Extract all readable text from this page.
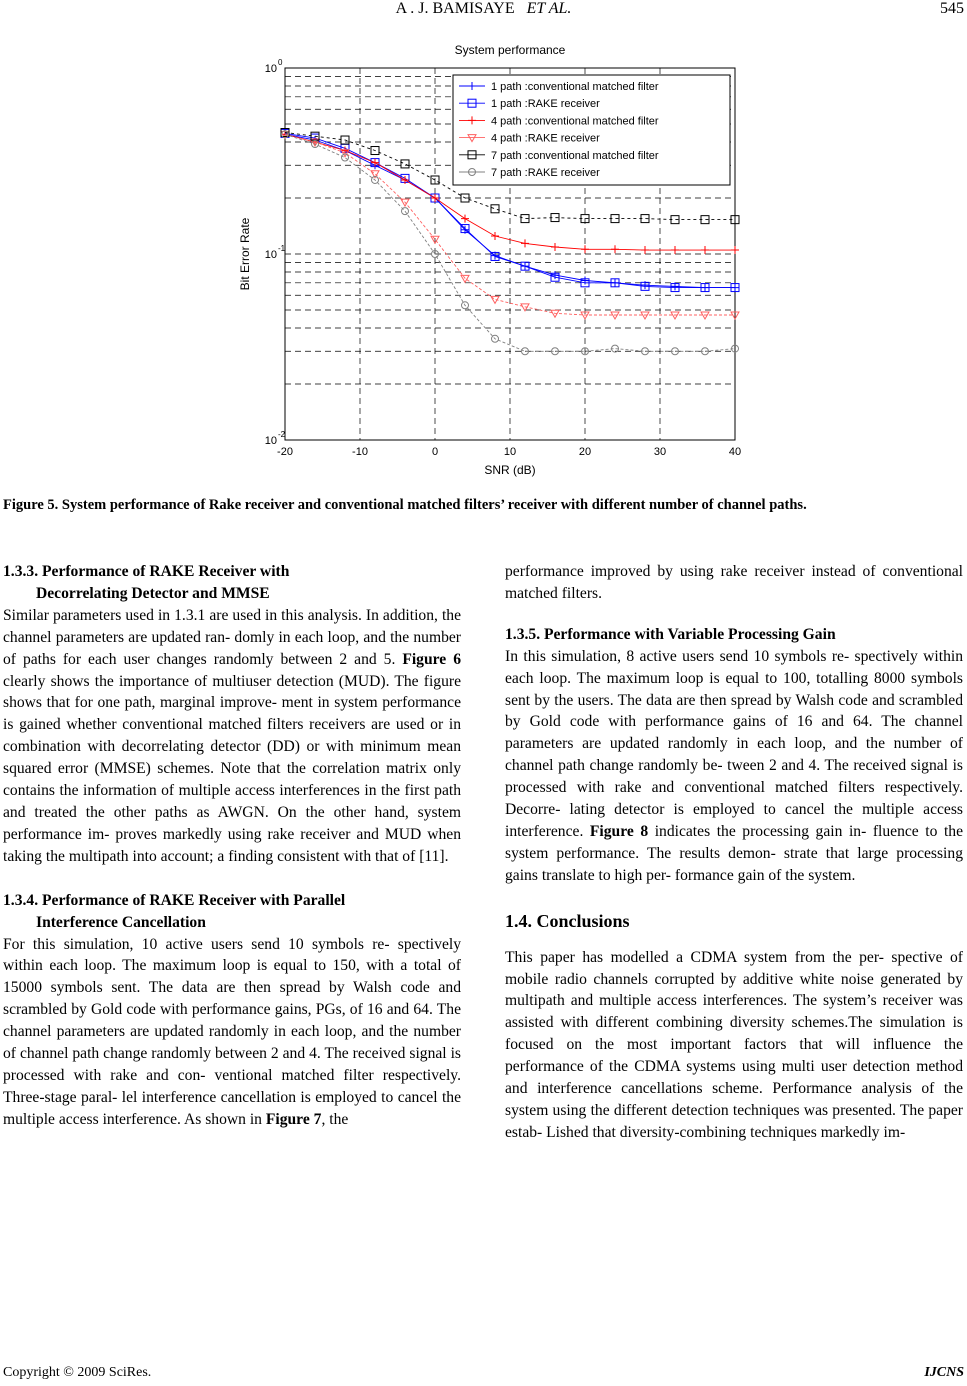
A . J. BAMISAYE ET AL.	545
-20	-10	0	10	20	30	40
10
0
10
-1
10
-2
1 path :conventional matched filter
1 path :RAKE receiver
4 path :conventional matched filter
4 path :RAKE receiver
7 path :conventional matched filter
7 path :RAKE receiver
System performance
SNR (dB)
Bit Error Rate
Figure 5. System performance of Rake receiver and conventional matched filters’ receiver with different number of channel paths.
1.3.3. Performance of RAKE Receiver with
Decorrelating Detector and MMSE

Similar parameters used in 1.3.1 are used in this analysis. In addition, the channel parameters are updated ran- domly in each loop, and the number of paths for each user changes randomly between 2 and 5. Figure 6 clearly shows the importance of multiuser detection (MUD). The figure shows that for one path, marginal improve- ment in system performance is gained whether conventional matched filters receivers are used or in combination with decorrelating detector (DD) or with minimum mean squared error (MMSE) schemes. Note that the correlation matrix only contains the information of multiple access interferences in the first path and treated the other paths as AWGN. On the other hand, system performance im- proves markedly using rake receiver and MUD when taking the multipath into account; a finding consistent with that of [11].

1.3.4. Performance of RAKE Receiver with Parallel
Interference Cancellation

For this simulation, 10 active users send 10 symbols re- spectively within each loop. The maximum loop is equal to 150, with a total of 15000 symbols sent. The data are then spread by Walsh code and scrambled by Gold code with performance gains, PGs, of 16 and 64. The channel parameters are updated randomly in each loop, and the number of channel path change randomly between 2 and 4. The received signal is processed with rake and con- ventional matched filter respectively. Three-stage paral- lel interference cancellation is employed to cancel the multiple access interference. As shown in Figure 7, the

performance improved by using rake receiver instead of conventional matched filters.

1.3.5. Performance with Variable Processing Gain

In this simulation, 8 active users send 10 symbols re- spectively within each loop. The maximum loop is equal to 100, totalling 8000 symbols sent by the users. The data are then spread by Walsh code and scrambled by Gold code with performance gains of 16 and 64. The channel parameters are updated randomly in each loop, and the number of channel path change randomly be- tween 2 and 4. The received signal is processed with rake and conventional matched filters respectively. Decorre- lating detector is employed to cancel the multiple access interference. Figure 8 indicates the processing gain in- fluence to the system performance. The results demon- strate that large processing gains translate to high per- formance gain of the system.

1.4. Conclusions

This paper has modelled a CDMA system from the per- spective of mobile radio channels corrupted by additive white noise generated by multipath and multiple access interferences. The system’s receiver was assisted with different combining diversity schemes.The simulation is focused on the most important factors that will influence the performance of the CDMA systems using multi user detection method and interference cancellations scheme. Performance analysis of the system using the different detection techniques was presented. The paper estab- Lished that diversity-combining techniques markedly im-

Copyright © 2009 SciRes.	IJCNS
